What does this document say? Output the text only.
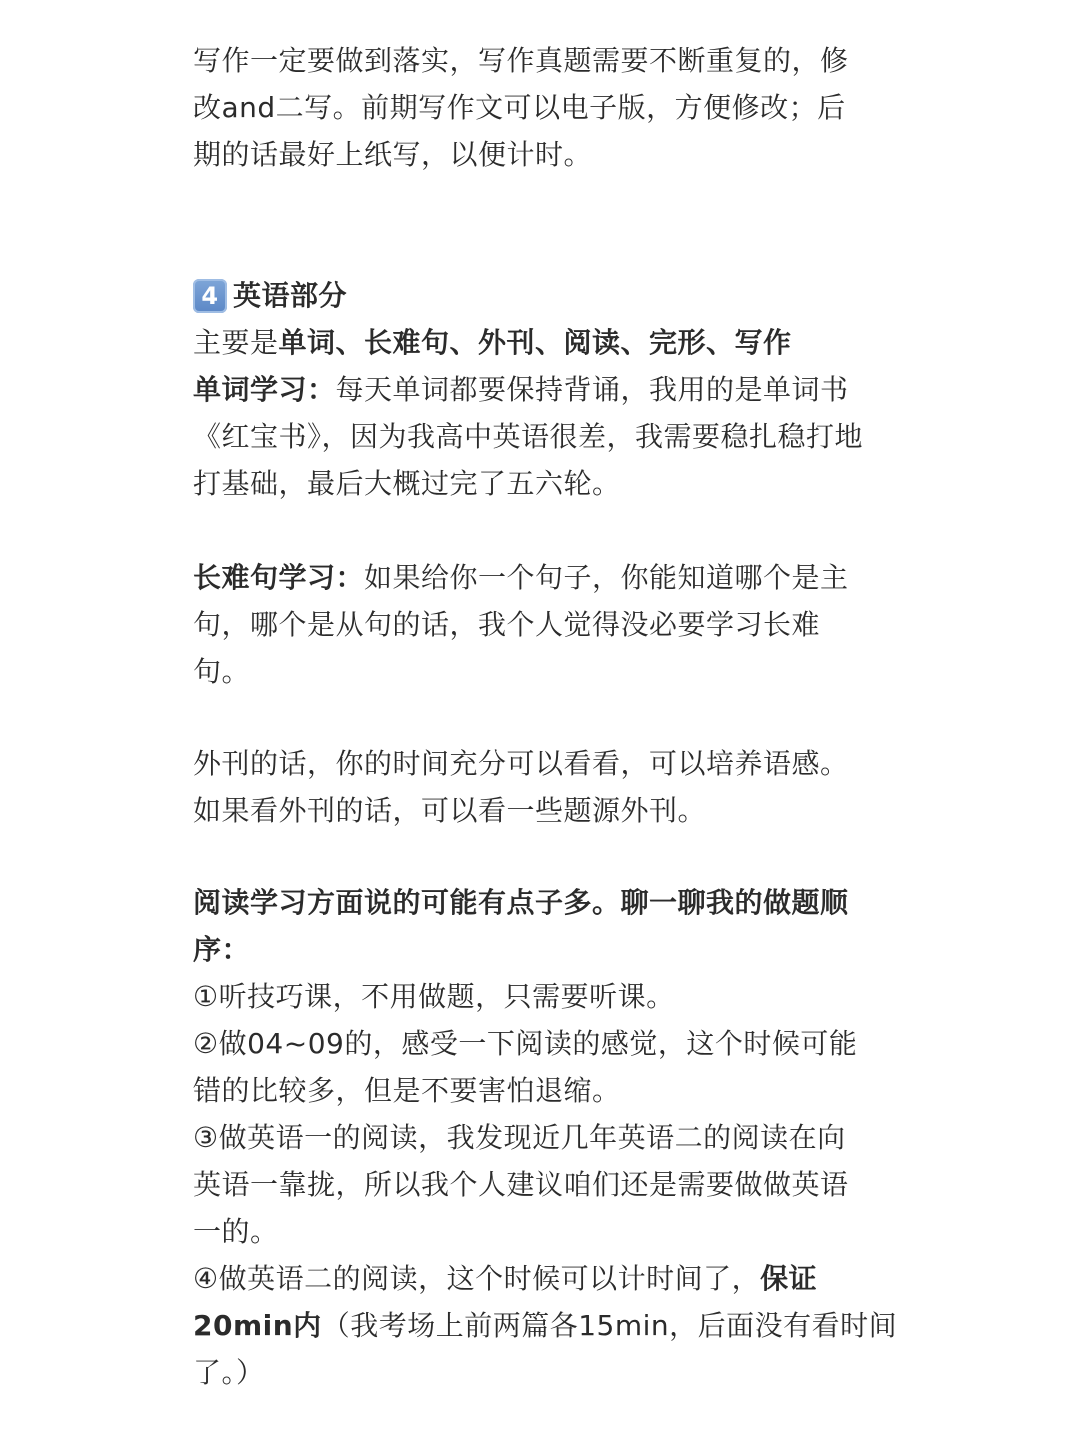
写作一定要做到落实，写作真题需要不断重复的，修
改and二写。前期写作文可以电子版，方便修改；后
期的话最好上纸写，以便计时。
4 英语部分
主要是单词、长难句、外刊、阅读、完形、写作
单词学习：每天单词都要保持背诵，我用的是单词书
《红宝书》，因为我高中英语很差，我需要稳扎稳打地
打基础，最后大概过完了五六轮。
长难句学习：如果给你一个句子，你能知道哪个是主
句，哪个是从句的话，我个人觉得没必要学习长难
句。
外刊的话，你的时间充分可以看看，可以培养语感。
如果看外刊的话，可以看一些题源外刊。
阅读学习方面说的可能有点子多。聊一聊我的做题顺
序：
①听技巧课，不用做题，只需要听课。
②做04~09的，感受一下阅读的感觉，这个时候可能
错的比较多，但是不要害怕退缩。
③做英语一的阅读，我发现近几年英语二的阅读在向
英语一靠拢，所以我个人建议咱们还是需要做做英语
一的。
④做英语二的阅读，这个时候可以计时间了，保证
20min内（我考场上前两篇各15min，后面没有看时间
了。）
